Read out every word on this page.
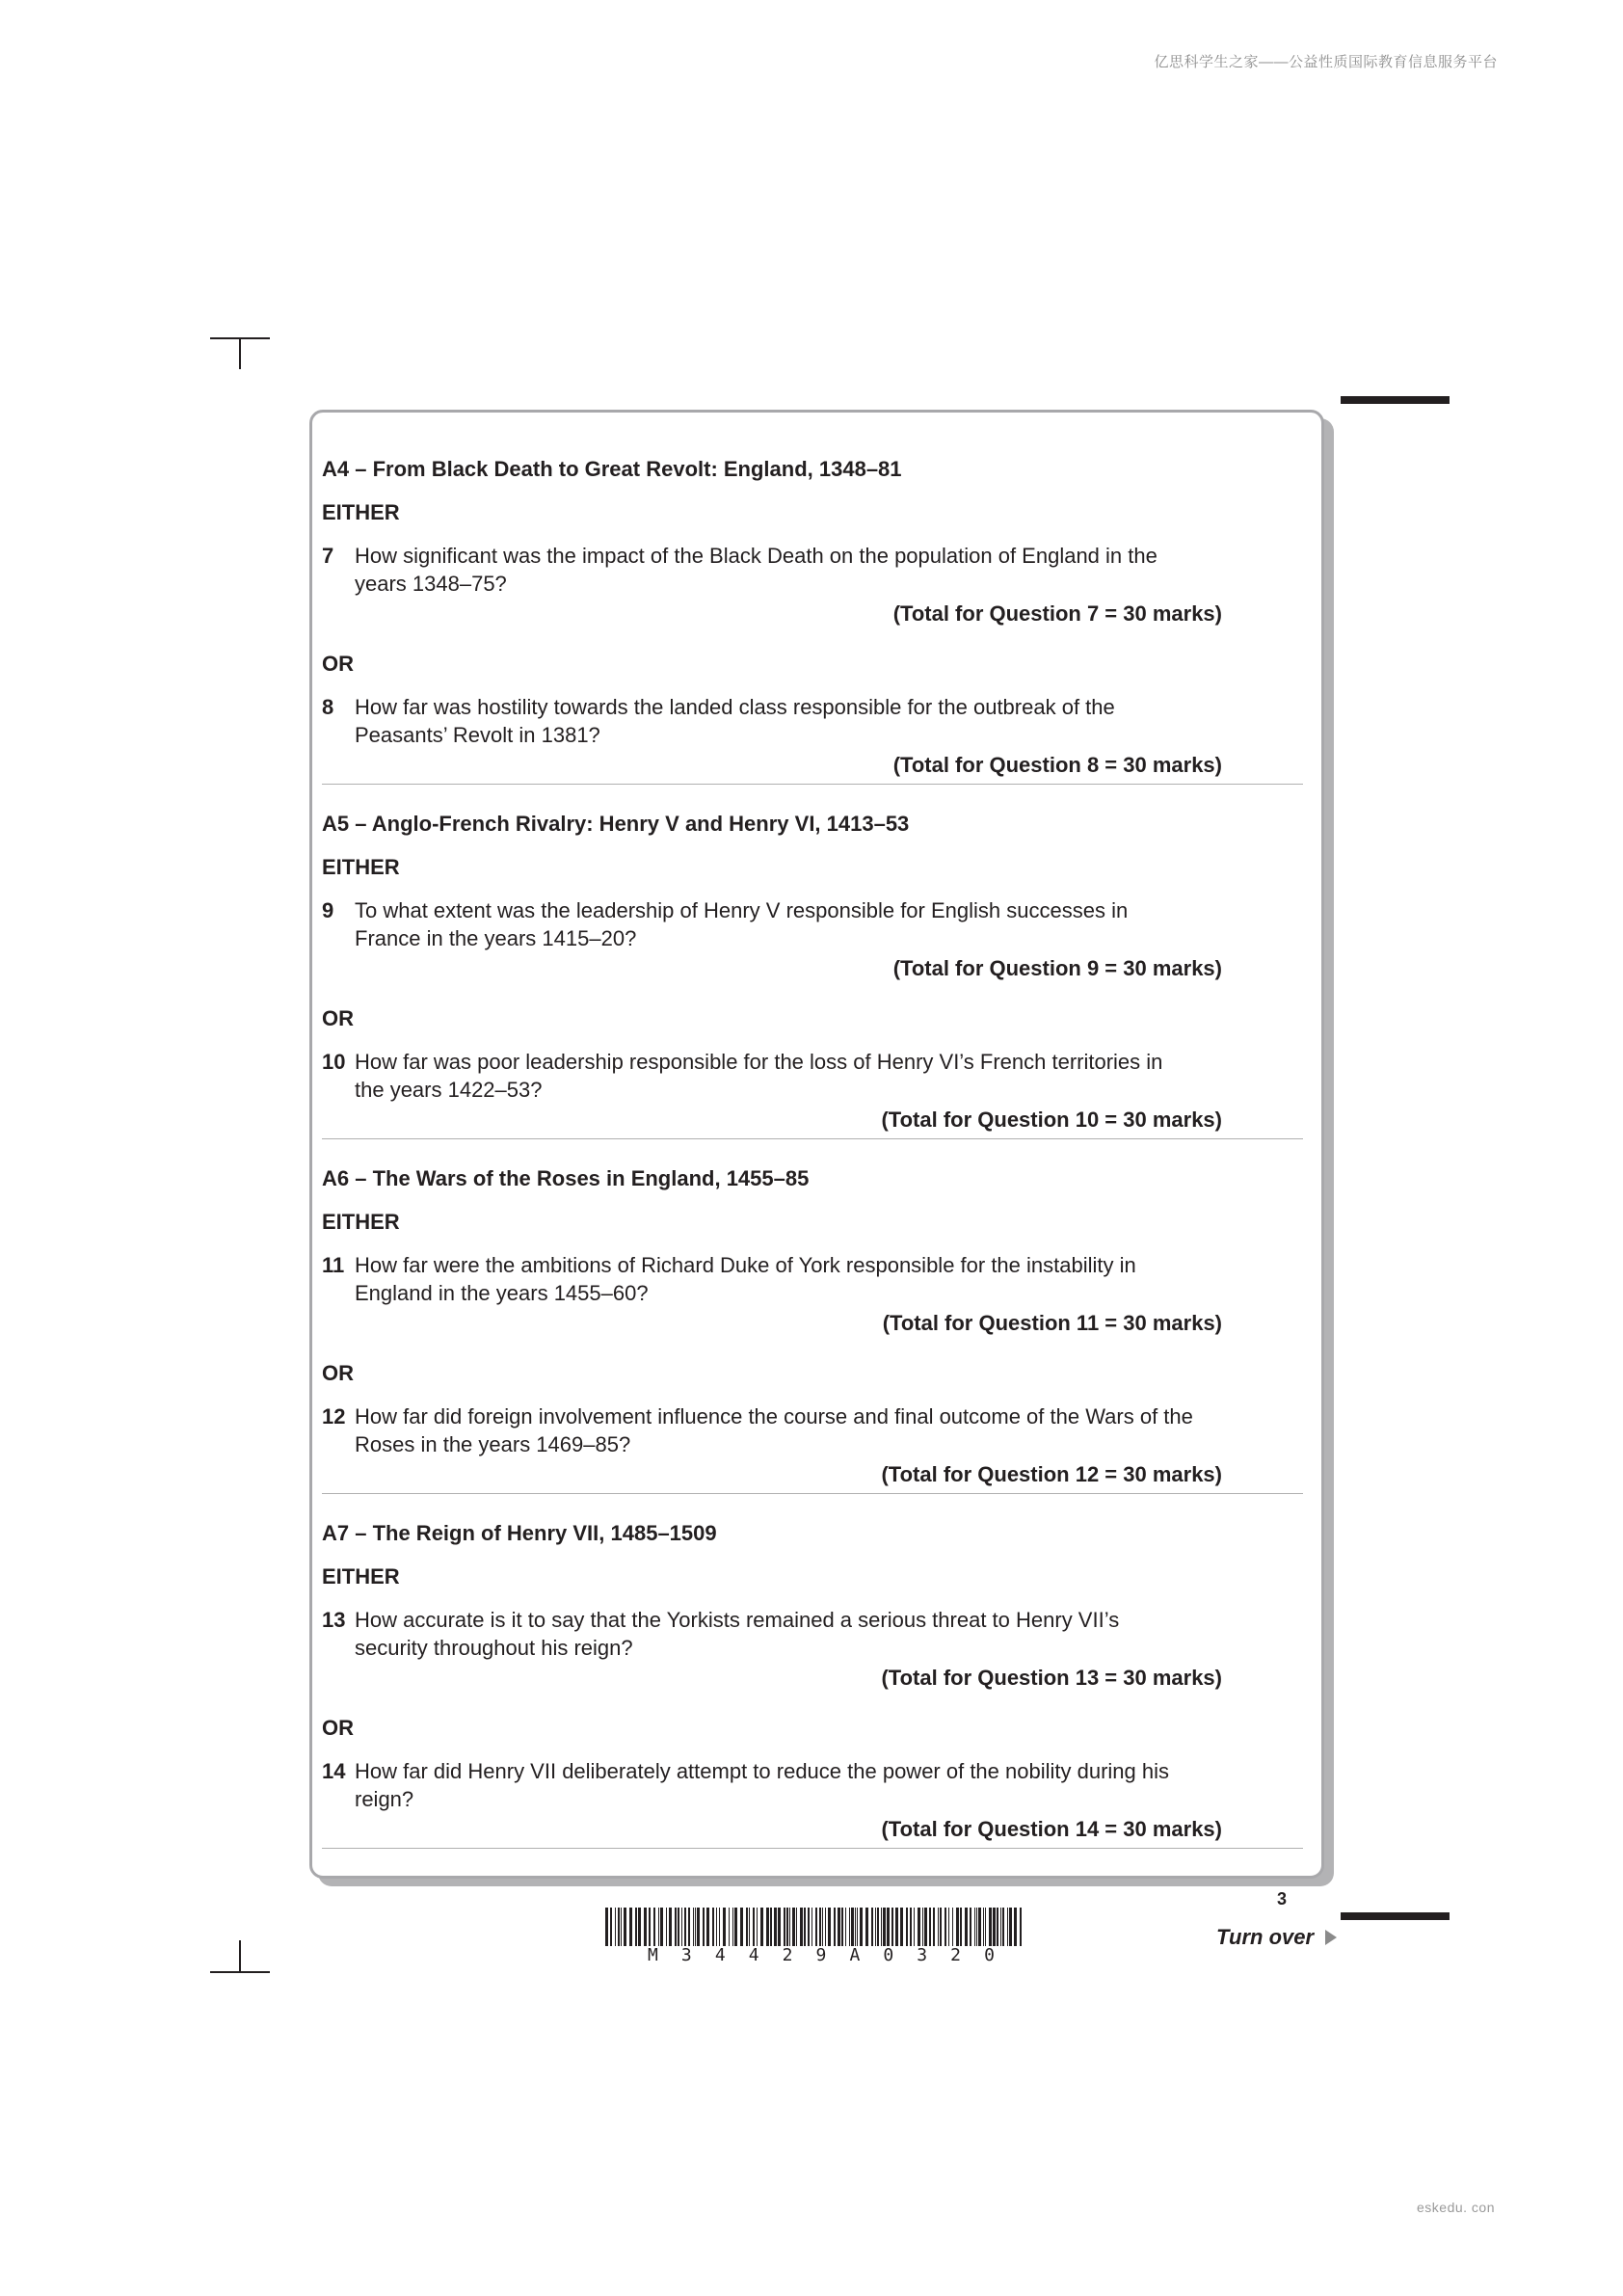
亿思科学生之家——公益性质国际教育信息服务平台
A4 – From Black Death to Great Revolt: England, 1348–81
EITHER
7 How significant was the impact of the Black Death on the population of England in the years 1348–75?
(Total for Question 7 = 30 marks)
OR
8 How far was hostility towards the landed class responsible for the outbreak of the Peasants’ Revolt in 1381?
(Total for Question 8 = 30 marks)
A5 – Anglo-French Rivalry: Henry V and Henry VI, 1413–53
EITHER
9 To what extent was the leadership of Henry V responsible for English successes in France in the years 1415–20?
(Total for Question 9 = 30 marks)
OR
10 How far was poor leadership responsible for the loss of Henry VI’s French territories in the years 1422–53?
(Total for Question 10 = 30 marks)
A6 – The Wars of the Roses in England, 1455–85
EITHER
11 How far were the ambitions of Richard Duke of York responsible for the instability in England in the years 1455–60?
(Total for Question 11 = 30 marks)
OR
12 How far did foreign involvement influence the course and final outcome of the Wars of the Roses in the years 1469–85?
(Total for Question 12 = 30 marks)
A7 – The Reign of Henry VII, 1485–1509
EITHER
13 How accurate is it to say that the Yorkists remained a serious threat to Henry VII’s security throughout his reign?
(Total for Question 13 = 30 marks)
OR
14 How far did Henry VII deliberately attempt to reduce the power of the nobility during his reign?
(Total for Question 14 = 30 marks)
3
M 3 4 4 2 9 A 0 3 2 0
Turn over
eskedu. con
